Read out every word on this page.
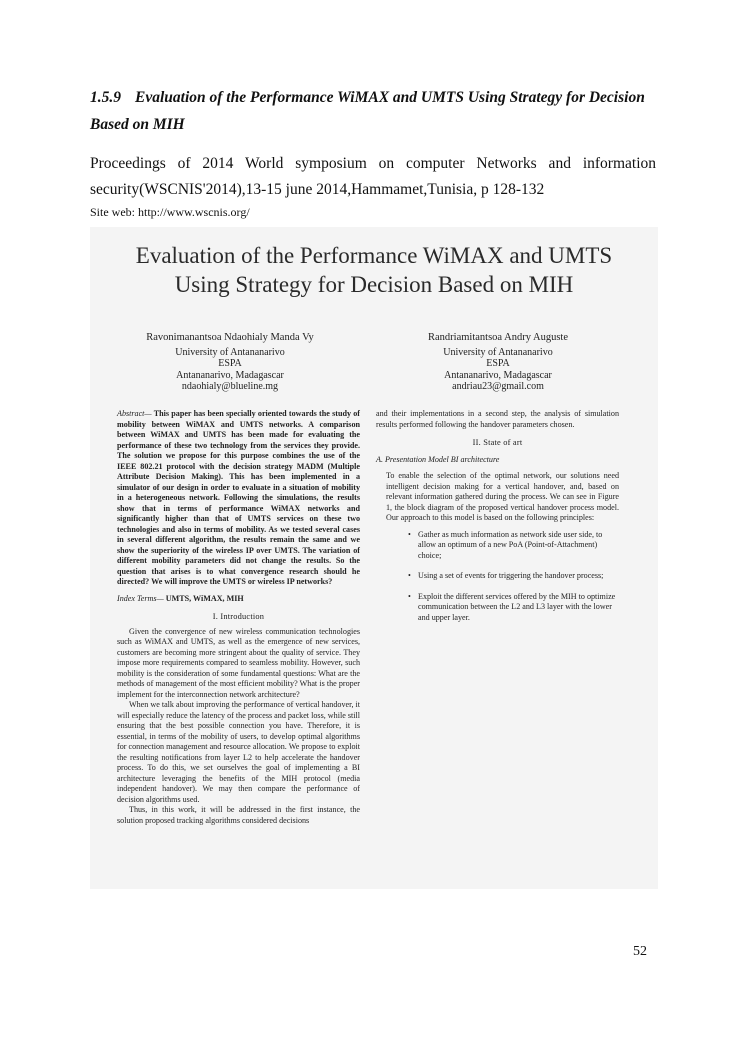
1.5.9 Evaluation of the Performance WiMAX and UMTS Using Strategy for Decision Based on MIH
Proceedings of 2014 World symposium on computer Networks and information security(WSCNIS'2014),13-15 june 2014,Hammamet,Tunisia, p 128-132
Site web: http://www.wscnis.org/
Evaluation of the Performance WiMAX and UMTS
Using Strategy for Decision Based on MIH
Ravonimanantsoa Ndaohialy Manda Vy
University of Antananarivo
ESPA
Antananarivo, Madagascar
ndaohialy@blueline.mg
Randriamitantsoa Andry Auguste
University of Antananarivo
ESPA
Antananarivo, Madagascar
andriau23@gmail.com

Abstract— This paper has been specially oriented towards the study of mobility between WiMAX and UMTS networks. A comparison between WiMAX and UMTS has been made for evaluating the performance of these two technology from the services they provide. The solution we propose for this purpose combines the use of the IEEE 802.21 protocol with the decision strategy MADM (Multiple Attribute Decision Making). This has been implemented in a simulator of our design in order to evaluate in a situation of mobility in a heterogeneous network. Following the simulations, the results show that in terms of performance WiMAX networks and significantly higher than that of UMTS services on these two technologies and also in terms of mobility. As we tested several cases in several different algorithm, the results remain the same and we show the superiority of the wireless IP over UMTS. The variation of different mobility parameters did not change the results. So the question that arises is to what convergence research should he directed? We will improve the UMTS or wireless IP networks?

Index Terms— UMTS, WiMAX, MIH

I. Introduction

Given the convergence of new wireless communication technologies such as WiMAX and UMTS, as well as the emergence of new services, customers are becoming more stringent about the quality of service. They impose more requirements compared to seamless mobility. However, such mobility is the consideration of some fundamental questions: What are the methods of management of the most efficient mobility? What is the proper implement for the interconnection network architecture?

When we talk about improving the performance of vertical handover, it will especially reduce the latency of the process and packet loss, while still ensuring that the best possible connection you have. Therefore, it is essential, in terms of the mobility of users, to develop optimal algorithms for connection management and resource allocation. We propose to exploit the resulting notifications from layer L2 to help accelerate the handover process. To do this, we set ourselves the goal of implementing a BI architecture leveraging the benefits of the MIH protocol (media independent handover). We may then compare the performance of decision algorithms used.

Thus, in this work, it will be addressed in the first instance, the solution proposed tracking algorithms considered decisions

and their implementations in a second step, the analysis of simulation results performed following the handover parameters chosen.

II. State of art

A. Presentation Model BI architecture

To enable the selection of the optimal network, our solutions need intelligent decision making for a vertical handover, and, based on relevant information gathered during the process. We can see in Figure 1, the block diagram of the proposed vertical handover process model. Our approach to this model is based on the following principles:

• Gather as much information as network side user side, to allow an optimum of a new PoA (Point-of-Attachment) choice;
• Using a set of events for triggering the handover process;
• Exploit the different services offered by the MIH to optimize communication between the L2 and L3 layer with the lower and upper layer.
52
